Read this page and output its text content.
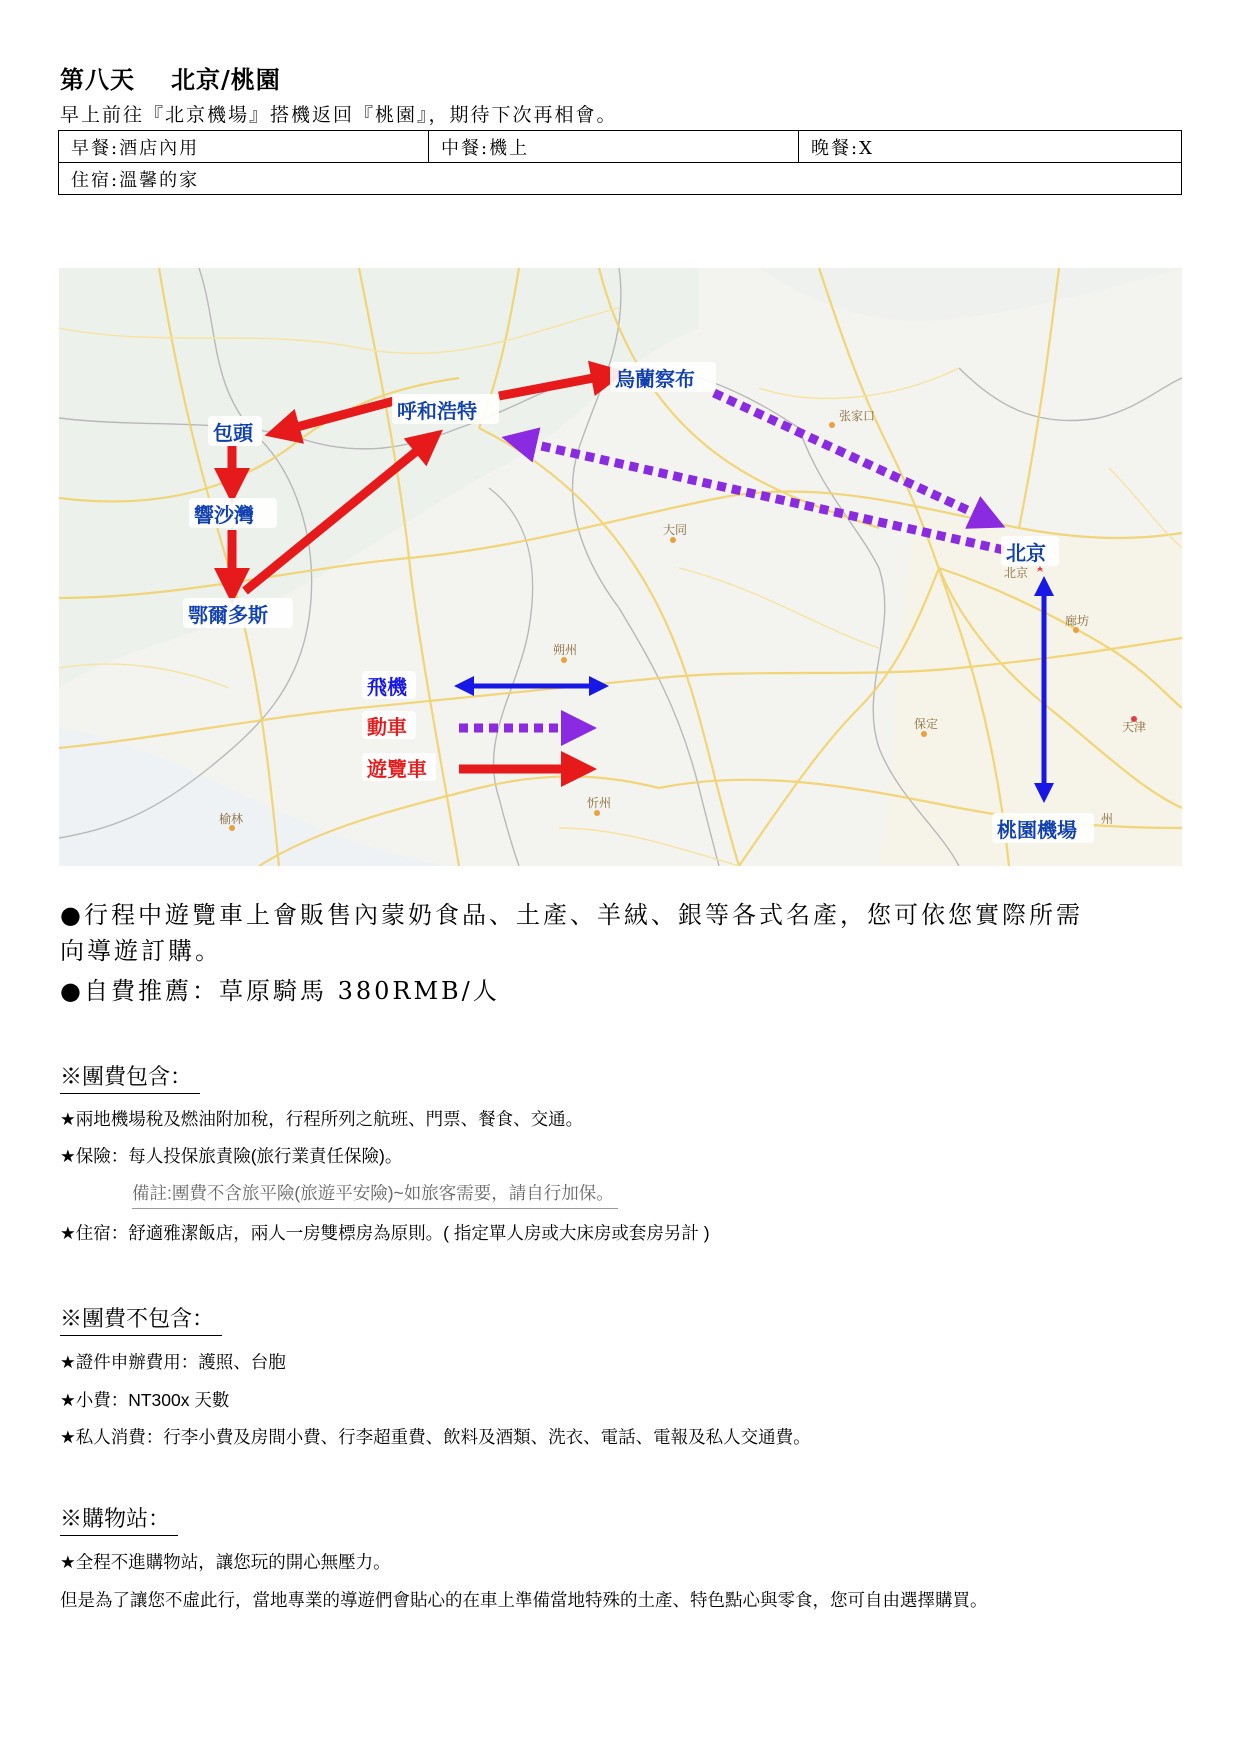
第八天 北京/桃園
早上前往『北京機場』搭機返回『桃園』，期待下次再相會。
早餐:酒店內用	中餐:機上	晚餐:X
住宿:溫馨的家
张家口
大同
北京
廊坊
朔州
保定	天津
忻州
榆林	州
烏蘭察布
呼和浩特
包頭
響沙灣
鄂爾多斯
北京
桃園機場
飛機
動車
遊覽車
●行程中遊覽車上會販售內蒙奶食品、土產、羊絨、銀等各式名產，您可依您實際所需
向導遊訂購。
●自費推薦：草原騎馬 380RMB/人
※團費包含：
★兩地機場稅及燃油附加稅，行程所列之航班、門票、餐食、交通。
★保險：每人投保旅責險(旅行業責任保險)。
備註:團費不含旅平險(旅遊平安險)~如旅客需要，請自行加保。
★住宿：舒適雅潔飯店，兩人一房雙標房為原則。( 指定單人房或大床房或套房另計 )
※團費不包含：
★證件申辦費用：護照、台胞
★小費：NT300x 天數
★私人消費：行李小費及房間小費、行李超重費、飲料及酒類、洗衣、電話、電報及私人交通費。
※購物站：
★全程不進購物站，讓您玩的開心無壓力。
但是為了讓您不虛此行，當地專業的導遊們會貼心的在車上準備當地特殊的土產、特色點心與零食，您可自由選擇購買。
